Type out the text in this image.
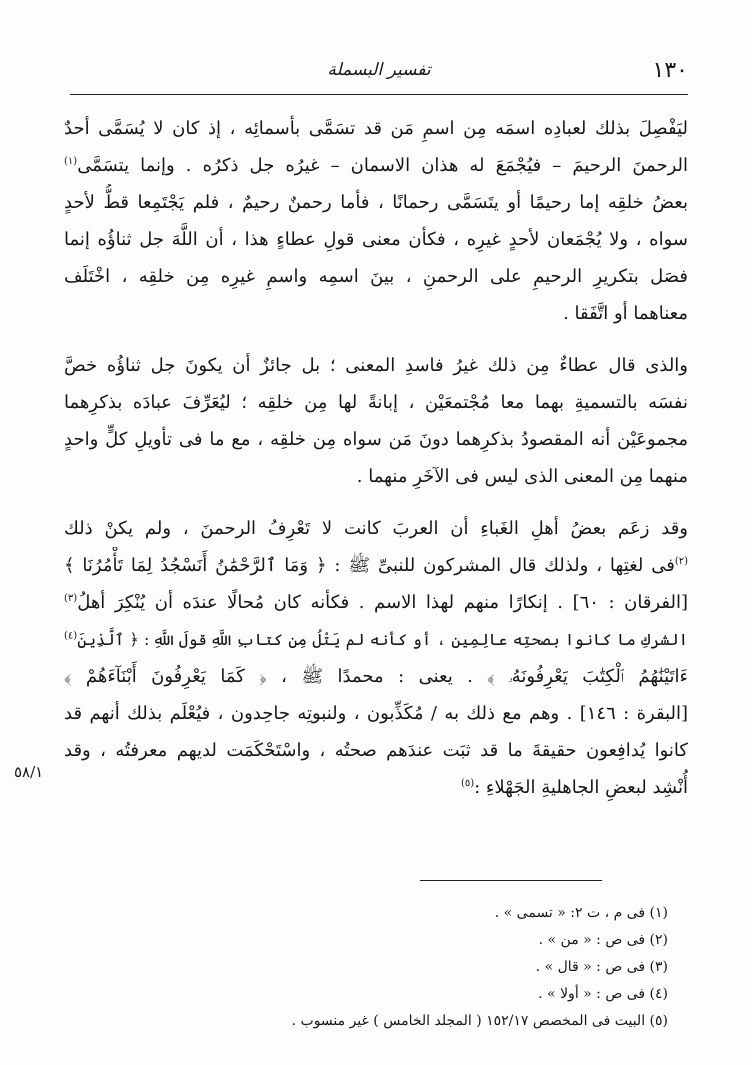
١٣٠
تفسير البسملة
ليَفْصِلَ بذلك لعبادِه اسمَه مِن اسمِ مَن قد تسَمَّى بأسمائِه ، إذ كان لا يُسَمَّى أحدٌ
الرحمنَ الرحيمَ – فيُجْمَعَ له هذان الاسمان – غيرُه جل ذكرُه . وإنما يتسَمَّى$^{(١)}$
بعضُ خلقِه إما رحيمًا أو يتَسَمَّى رحمانًا ، فأما رحمنٌ رحيمٌ ، فلم يَجْتَمِعا قطُّ لأحدٍ
سواه ، ولا يُجْمَعان لأحدٍ غيرِه ، فكأن معنى قولِ عطاءٍ هذا ، أن اللَّهَ جل ثناؤُه إنما
فصَل بتكريرِ الرحيمِ على الرحمنِ ، بينَ اسمِه واسمِ غيرِه مِن خلقِه ، اخْتَلَف
معناهما أو اتَّفَقا .
والذى قال عطاءٌ مِن ذلك غيرُ فاسدِ المعنى ؛ بل جائزٌ أن يكونَ جل ثناؤُه خصَّ
نفسَه بالتسميةِ بهما معا مُجْتمعَيْن ، إبانةً لها مِن خلقِه ؛ ليُعَرِّفَ عبادَه بذكرِهما
مجموعَيْن أنه المقصودُ بذكرِهما دونَ مَن سواه مِن خلقِه ، مع ما فى تأويلِ كلٍّ واحدٍ
منهما مِن المعنى الذى ليس فى الآخَرِ منهما .
وقد زعَم بعضُ أهلِ الغَباءِ أن العربَ كانت لا تَعْرِفُ الرحمنَ ، ولم يكنْ ذلك
$^{(٢)}$فى لغتِها ، ولذلك قال المشركون للنبىِّ ﷺ : ﴿ وَمَا ٱلرَّحْمَٰنُ أَنَسْجُدُ لِمَا تَأْمُرُنَا ﴾
[الفرقان : ٦٠] . إنكارًا منهم لهذا الاسم . فكأنه كان مُحالًا عندَه أن يُنْكِرَ أهلُ$^{(٣)}$
الشركِ ما كانوا بصحتِه عالِمِين ، أو كأنه لم يَتْلُ مِن كتابِ اللَّهِ قولَ اللَّهِ : ﴿ ٱلَّذِينَ$^{(٤)}$
ءَاتَيْنَٰهُمُ ٱلْكِتَٰبَ يَعْرِفُونَهُۥ ﴾ . يعنى : محمدًا ﷺ ، ﴿ كَمَا يَعْرِفُونَ أَبْنَآءَهُمْ ﴾
[البقرة : ١٤٦] . وهم مع ذلك به / مُكَذِّبون ، ولنبوتِه جاحِدون ، فيُعْلَم بذلك أنهم قد
كانوا يُدافِعون حقيقةَ ما قد ثبَت عندَهم صحتُه ، واسْتَحْكَمَت لديهم معرفتُه ، وقد
أُنْشِد لبعضِ الجاهليةِ الجَهْلاءِ :$^{(٥)}$
٥٨/١
(١) فى م ، ت ٢: « تسمى » .
(٢) فى ص : « من » .
(٣) فى ص : « قال » .
(٤) فى ص : « أولا » .
(٥) البيت فى المخصص ١٥٢/١٧ ( المجلد الخامس ) غير منسوب .
